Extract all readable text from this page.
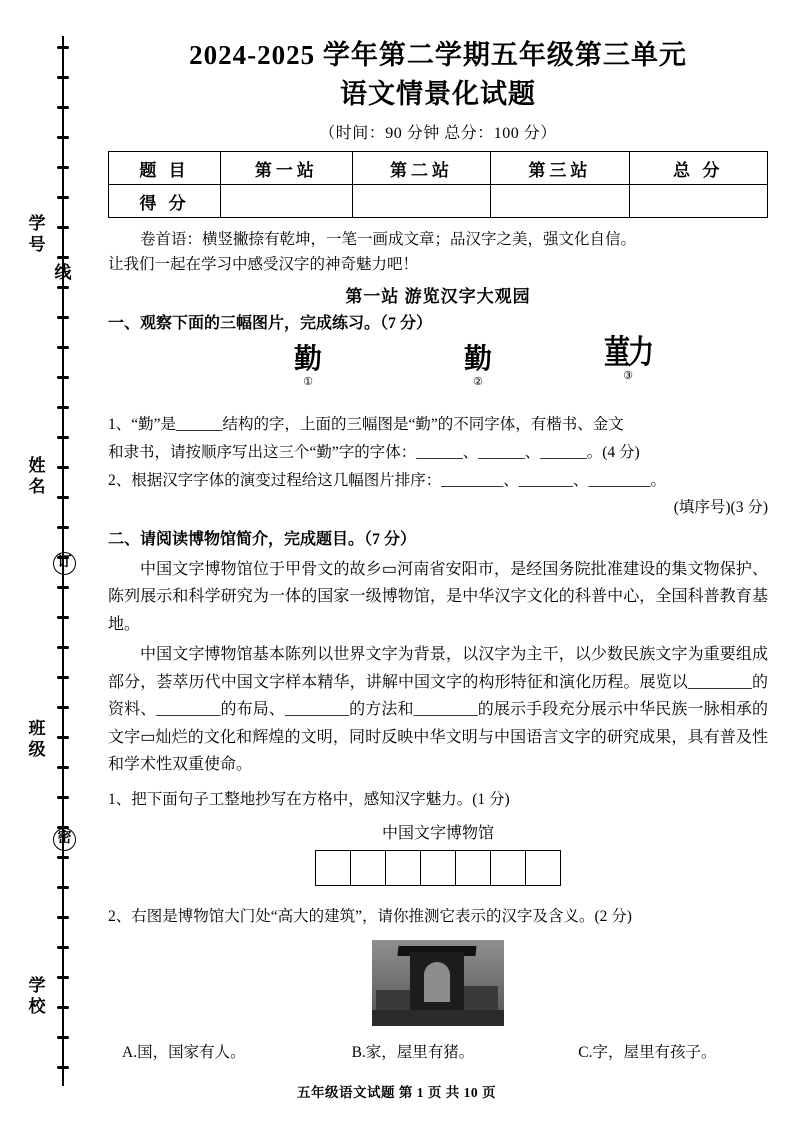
学 号
线
姓 名
订
班 级
密
学 校
2024-2025 学年第二学期五年级第三单元
语文情景化试题
（时间：90 分钟 总分：100 分）
题 目	第一站	第二站	第三站	总 分
得 分				

卷首语：横竖撇捺有乾坤，一笔一画成文章；品汉字之美，强文化自信。

让我们一起在学习中感受汉字的神奇魅力吧！

第一站 游览汉字大观园
一、观察下面的三幅图片，完成练习。（7 分）
勤
①
勤
②
菫力
③
1、“勤”是______结构的字，上面的三幅图是“勤”的不同字体，有楷书、金文
和隶书，请按顺序写出这三个“勤”字的字体：______、______、______。(4 分)
2、根据汉字字体的演变过程给这几幅图片排序：________、_______、________。
(填序号)(3 分)
二、请阅读博物馆简介，完成题目。（7 分）
中国文字博物馆位于甲骨文的故乡▭河南省安阳市，是经国务院批准建设的集文物保护、陈列展示和科学研究为一体的国家一级博物馆，是中华汉字文化的科普中心，全国科普教育基地。
中国文字博物馆基本陈列以世界文字为背景，以汉字为主干，以少数民族文字为重要组成部分，荟萃历代中国文字样本精华，讲解中国文字的构形特征和演化历程。展览以________的资料、________的布局、________的方法和________的展示手段充分展示中华民族一脉相承的文字▭灿烂的文化和辉煌的文明，同时反映中华文明与中国语言文字的研究成果，具有普及性和学术性双重使命。
1、把下面句子工整地抄写在方格中，感知汉字魅力。(1 分)
中国文字博物馆
2、右图是博物馆大门处“高大的建筑”，请你推测它表示的汉字及含义。(2 分)
A.国，国家有人。	B.家，屋里有猪。	C.字，屋里有孩子。
五年级语文试题 第 1 页 共 10 页
